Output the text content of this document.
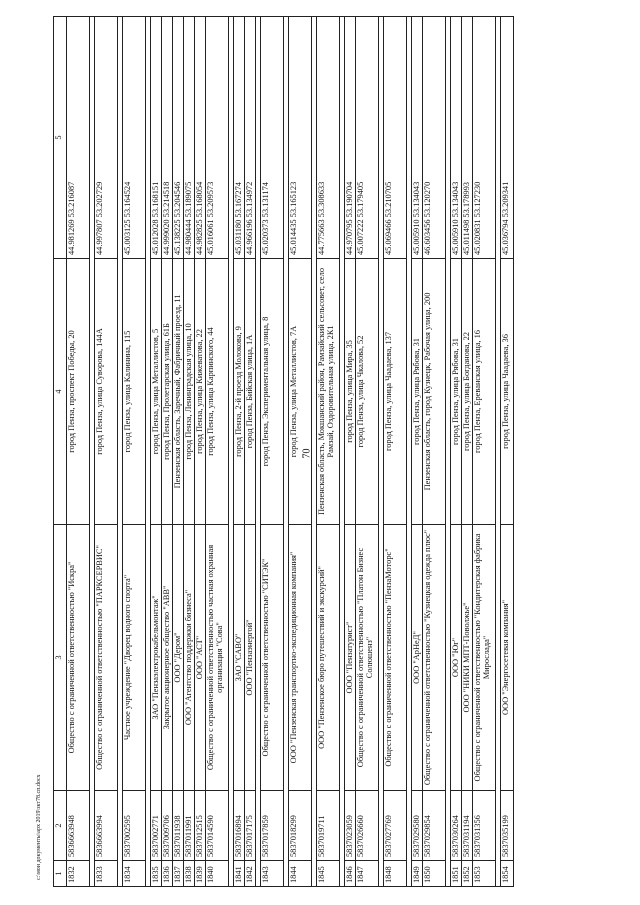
70
c:\мои документы\арх 2019\зкт78.сп.docx 1	2	3	4	5
1832	5836663948	Общество с ограниченной ответственностью "Искра"	город Пенза, проспект Победы, 20	44.981269 53.216087

1833	5836663994	Общество с ограниченной ответственностью "ПАРКСЕРВИС"	город Пенза, улица Суворова, 144А	44.997807 53.202729

1834	5837002595	Частное учреждение "Дворец водного спорта"	город Пенза, улица Калинина, 115	45.003125 53.164524

1835	5837002771	ЗАО "Пензаэлектрокабельмонтаж"	город Пенза, улица Металлистов, 5	45.012028 53.168151
1836	5837009706	Закрытое акционерное общество "АВВ"	город Пенза, Пролетарская улица, 61Б	44.999020 53.214518
1837	5837011938	ООО "Дером"	Пензенская область, Заречный, Фабричный проезд, 11	45.138225 53.204546
1838	5837011991	ООО "Агентство поддержки бизнеса"	город Пенза, Ленинградская улица, 10	44.980444 53.189075
1839	5837012515	ООО "АСТ"	город Пенза, улица Кижеватова, 22	44.982825 53.168054
1840	5837014590	Общество с ограниченной ответственностью частная охранная организация "Сова"	город Пенза, улица Карпинского, 44	45.016061 53.209573

1841	5837016894	ЗАО "САВО"	город Пенза, 2-й проезд Молокова, 9	45.031180 53.167274
1842	5837017175	ООО "Пензаэнергой"	город Пенза, Бийская улица, 1А	44.966196 53.134972

1843	5837017859	Общество с ограниченной ответственностью "СИТЭК"	город Пенза, Экспериментальная улица, 8	45.020373 53.131174

1844	5837018299	ООО "Пензенская транспортно-экспедиционная компания"	город Пенза, улица Металлистов, 7А	45.014435 53.165123

1845	5837019711	ООО "Пензенское бюро путешествий и экскурсий"	Пензенская область, Мокшанский район, Рамзайский сельсовет, село Рамзай, Оздоровительная улица, 2К1	44.775663 53.308633

1846	5837023059	ООО "Пензатурист"	город Пенза, улица Мира, 35	44.970795 53.190704
1847	5837026660	Общество с ограниченной ответственностью "Платон Бизнес Солюшенз"	город Пенза, улица Чкалова, 52	45.007222 53.179405

1848	5837027769	Общество с ограниченной ответственностью "ПензаМоторс"	город Пенза, улица Чаадаева, 137	45.069466 53.210705

1849	5837029580	ООО "АрНеД"	город Пенза, улица Рябова, 31	45.005910 53.134043
1850	5837029854	Общество с ограниченной ответственностью "Кузнецкая одежда плюс"	Пензенская область, город Кузнецк, Рабочая улица, 200	46.603456 53.120270

1851	5837030264	ООО "Юг"	город Пенза, улица Рябова, 31	45.005910 53.134043
1852	5837031194	ООО "НИКИ МПТ-Поволжье"	город Пенза, улица Богданова, 22	45.011498 53.178993
1853	5837031356	Общество с ограниченной ответственностью "Кондитерская фабрика Мирослада"	город Пенза, Ереванская улица, 16	45.020831 53.127230

1854	5837035199	ООО "Энергосетевая компания"	город Пенза, улица Чаадаева, 36	45.036794 53.209341
